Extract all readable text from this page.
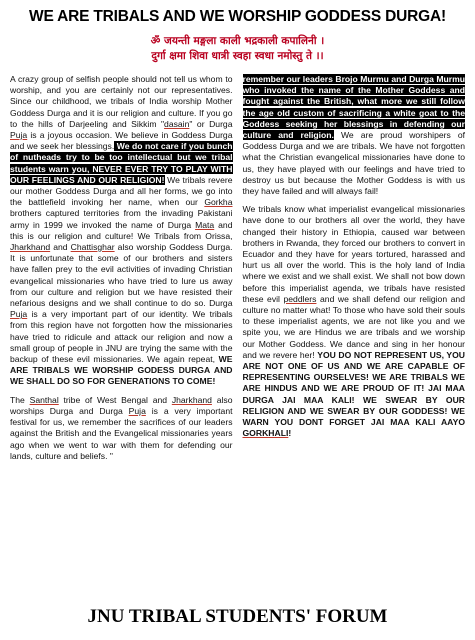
WE ARE TRIBALS AND WE WORSHIP GODDESS DURGA!
ॐ जयन्ती मङ्गला काली भद्रकाली कपालिनी ।
दुर्गा क्षमा शिवा धात्री स्वहा स्वधा नमोस्तु ते ।।

A crazy group of selfish people should not tell us whom to worship, and you are certainly not our representatives. Since our childhood, we tribals of India worship Mother Goddess Durga and it is our religion and culture. If you go to the hills of Darjeeling and Sikkim "dasain" or Durga Puja is a joyous occasion. We believe in Goddess Durga and we seek her blessings. We do not care if you bunch of nutheads try to be too intellectual but we tribal students warn you, NEVER EVER TRY TO PLAY WITH OUR FEELINGS AND OUR RELIGION! We tribals revere our mother Goddess Durga and all her forms, we go into the battlefield invoking her name, when our Gorkha brothers captured territories from the invading Pakistani army in 1999 we invoked the name of Durga Mata and this is our religion and culture! We Tribals from Orissa, Jharkhand and Chattisghar also worship Goddess Durga. It is unfortunate that some of our brothers and sisters have fallen prey to the evil activities of invading Christian evangelical missionaries who have tried to lure us away from our culture and religion but we have resisted their nefarious designs and we shall continue to do so. Durga Puja is a very important part of our identity. We tribals from this region have not forgotten how the missionaries have tried to ridicule and attack our religion and now a small group of people in JNU are trying the same with the backup of these evil missionaries. We again repeat, WE ARE TRIBALS WE WORSHIP GODESS DURGA AND WE SHALL DO SO FOR GENERATIONS TO COME!

The Santhal tribe of West Bengal and Jharkhand also worships Durga and Durga Puja is a very important festival for us, we remember the sacrifices of our leaders against the British and the Evangelical missionaries years ago when we went to war with them for defending our lands, culture and beliefs. "

remember our leaders Brojo Murmu and Durga Murmu who invoked the name of the Mother Goddess and fought against the British, what more we still follow the age old custom of sacrificing a white goat to the Goddess seeking her blessings in defending our culture and religion. We are proud worshipers of Goddess Durga and we are tribals. We have not forgotten what the Christian evangelical missionaries have done to us, they have played with our feelings and have tried to destroy us but because the Mother Goddess is with us they have failed and will always fail!

We tribals know what imperialist evangelical missionaries have done to our brothers all over the world, they have changed their history in Ethiopia, caused war between brothers in Rwanda, they forced our brothers to convert in Ecuador and they have for years tortured, harassed and hurt us all over the world. This is the holy land of India where we exist and we shall exist. We shall not bow down before this imperialist agenda, we tribals have resisted these evil peddlers and we shall defend our religion and culture no matter what! To those who have sold their souls to these imperialist agents, we are not like you and we spite you, we are Hindus we are tribals and we worship our Mother Goddess. We dance and sing in her honour and we revere her! YOU DO NOT REPRESENT US, YOU ARE NOT ONE OF US AND WE ARE CAPABLE OF REPRESENTING OURSELVES! WE ARE TRIBALS WE ARE HINDUS AND WE ARE PROUD OF IT! JAI MAA DURGA JAI MAA KALI! WE SWEAR BY OUR RELIGION AND WE SWEAR BY OUR GODDESS! WE WARN YOU DONT FORGET JAI MAA KALI AAYO GORKHALI!

JNU TRIBAL STUDENTS' FORUM
